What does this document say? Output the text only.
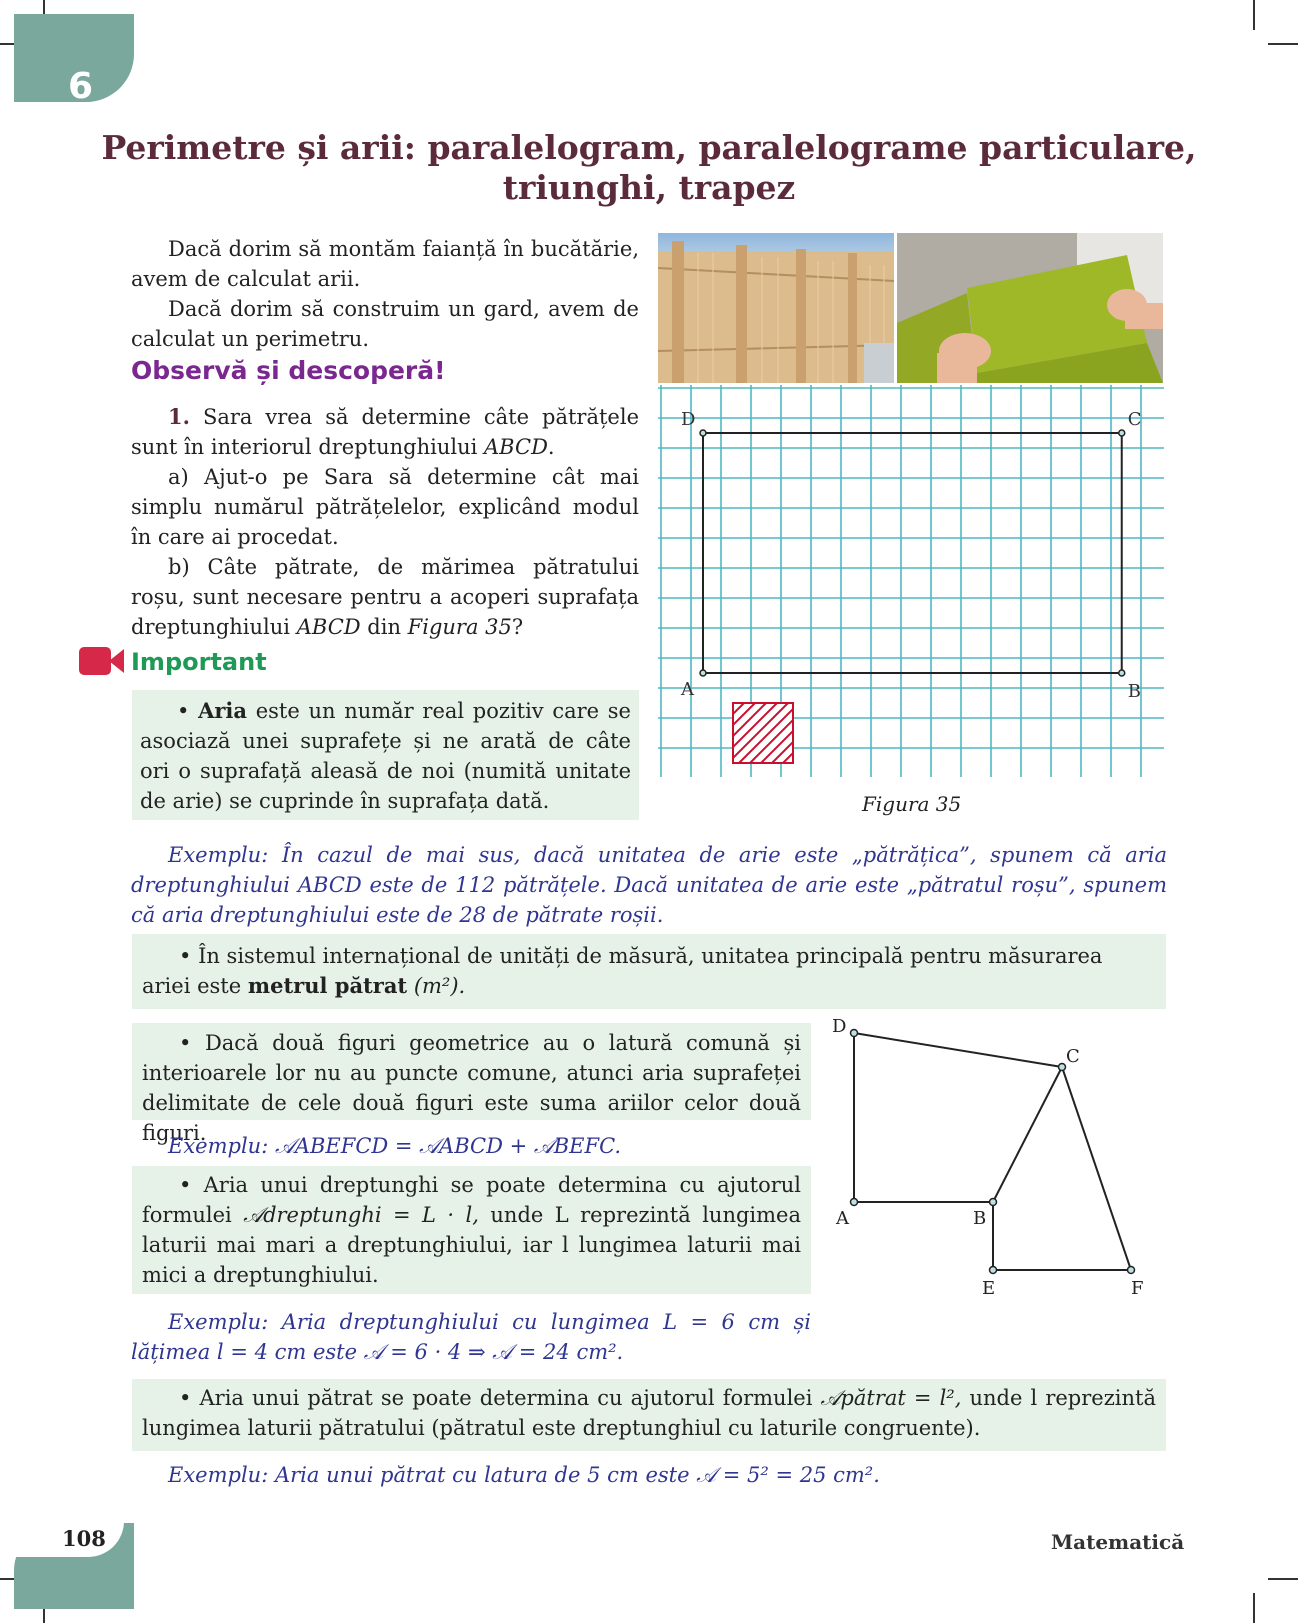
6
Perimetre și arii: paralelogram, paralelograme particulare,
triunghi, trapez

Dacă dorim să montăm faianță în bucătărie, avem de calculat arii.

Dacă dorim să construim un gard, avem de calculat un perimetru.

Observă și descoperă!

1. Sara vrea să determine câte pătrățele sunt în interiorul dreptunghiului ABCD.

a) Ajut-o pe Sara să determine cât mai simplu numărul pătrățelelor, explicând modul în care ai procedat.

b) Câte pătrate, de mărimea pătratului roșu, sunt necesare pentru a acoperi suprafața dreptunghiului ABCD din Figura 35?

Important

• Aria este un număr real pozitiv care se asociază unei suprafețe și ne arată de câte ori o suprafață aleasă de noi (numită unitate de arie) se cuprinde în suprafața dată.

D	C
A	B
Figura 35

Exemplu: În cazul de mai sus, dacă unitatea de arie este „pătrățica”, spunem că aria dreptunghiului ABCD este de 112 pătrățele. Dacă unitatea de arie este „pătratul roșu”, spunem că aria dreptunghiului este de 28 de pătrate roșii.

• În sistemul internațional de unități de măsură, unitatea principală pentru măsurarea ariei este metrul pătrat (m²).

• Dacă două figuri geometrice au o latură comună și interioarele lor nu au puncte comune, atunci aria suprafeței delimitate de cele două figuri este suma ariilor celor două figuri.

Exemplu: 𝒜ABEFCD = 𝒜ABCD + 𝒜BEFC.

• Aria unui dreptunghi se poate determina cu ajutorul formulei 𝒜dreptunghi = L · l, unde L reprezintă lungimea laturii mai mari a dreptunghiului, iar l lungimea laturii mai mici a dreptunghiului.

Exemplu: Aria dreptunghiului cu lungimea L = 6 cm și lățimea l = 4 cm este 𝒜 = 6 · 4 ⇒ 𝒜 = 24 cm².

D
C
A	B
E	F

• Aria unui pătrat se poate determina cu ajutorul formulei 𝒜pătrat = l², unde l reprezintă lungimea laturii pătratului (pătratul este dreptunghiul cu laturile congruente).

Exemplu: Aria unui pătrat cu latura de 5 cm este 𝒜 = 5² = 25 cm².

108	Matematică
